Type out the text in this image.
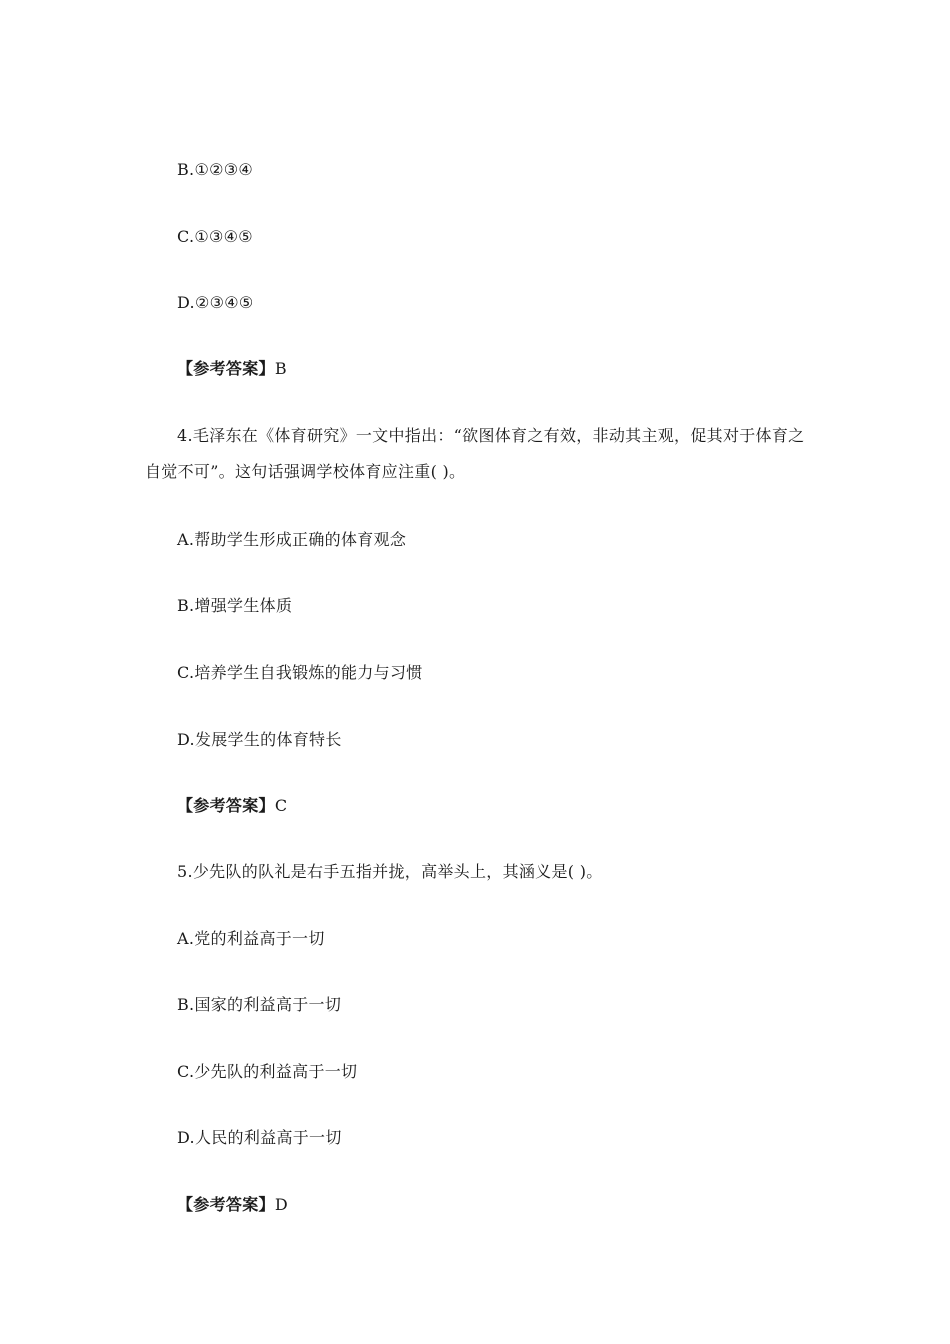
B.①②③④
C.①③④⑤
D.②③④⑤
【参考答案】B
4.毛泽东在《体育研究》一文中指出：“欲图体育之有效，非动其主观，促其对于体育之
自觉不可”。这句话强调学校体育应注重( )。
A.帮助学生形成正确的体育观念
B.增强学生体质
C.培养学生自我锻炼的能力与习惯
D.发展学生的体育特长
【参考答案】C
5.少先队的队礼是右手五指并拢，高举头上，其涵义是( )。
A.党的利益高于一切
B.国家的利益高于一切
C.少先队的利益高于一切
D.人民的利益高于一切
【参考答案】D
